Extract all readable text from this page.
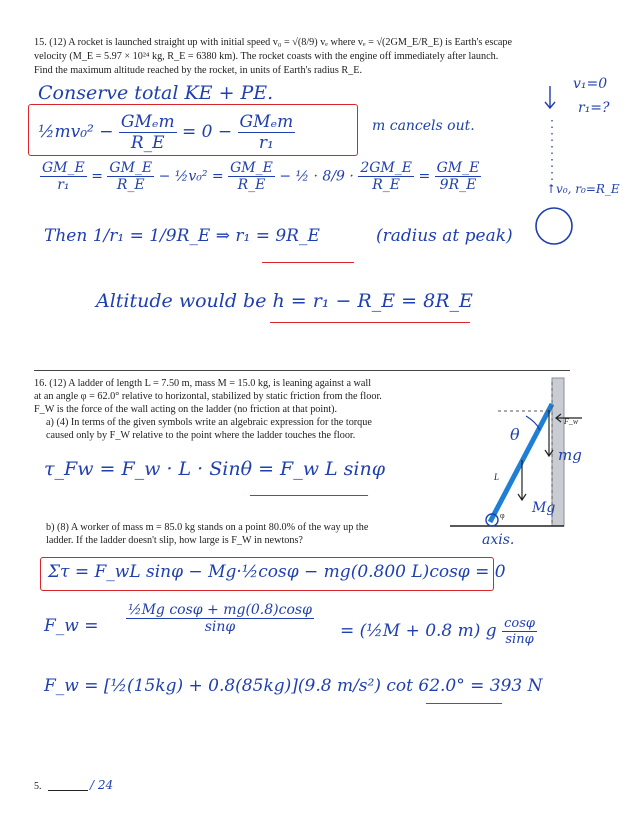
15. (12) A rocket is launched straight up with initial speed v₀ = √(8/9) vₑ where vₑ = √(2GM_E/R_E) is Earth's escape

velocity (M_E = 5.97 × 10²⁴ kg, R_E = 6380 km). The rocket coasts with the engine off immediately after launch.

Find the maximum altitude reached by the rocket, in units of Earth's radius R_E.

Conserve total KE + PE.
½mv₀² − $\frac{\text{GMₑm}}{R\_E} = 0 - \frac{\text{GMₑm}}{\text{r₁}}$	m cancels out.
$\frac{GM\_E}{\text{r₁}} = \frac{GM\_E}{R\_E}$ − ½v₀² = $\frac{GM\_E}{R\_E}$ − ½ · $8/9 \cdot \frac{2GM\_E}{R\_E} = \frac{GM\_E}{9R\_E}$
Then 1/r₁ = 1/9R_E ⇒ r₁ = 9R_E	(radius at peak)
Altitude would be h = r₁ − R_E = 8R_E
v₁=0
r₁=?
↑v₀, r₀=R_E

16. (12) A ladder of length L = 7.50 m, mass M = 15.0 kg, is leaning against a wall

at an angle φ = 62.0° relative to horizontal, stabilized by static friction from the floor.

F_W is the force of the wall acting on the ladder (no friction at that point).

a) (4) In terms of the given symbols write an algebraic expression for the torque

caused only by F_W relative to the point where the ladder touches the floor.

τ_Fw = F_w · L · Sinθ = F_w L sinφ

b) (8) A worker of mass m = 85.0 kg stands on a point 80.0% of the way up the

ladder. If the ladder doesn't slip, how large is F_W in newtons?

F_w
mg
θ
L
Mg
φ
axis.
Στ = F_wL sinφ − Mg·½cosφ − mg(0.800 L)cosφ = 0
F_w = $\frac{\text{½Mg cosφ + mg(0.8)cosφ}}{\sin\varphi}$ = (½M + 0.8 m) g $\frac{\cos\varphi}{\sin\varphi}$
F_w = [½(15kg) + 0.8(85kg)](9.8 m/s²) cot 62.0° = 393 N
5.	/ 24
